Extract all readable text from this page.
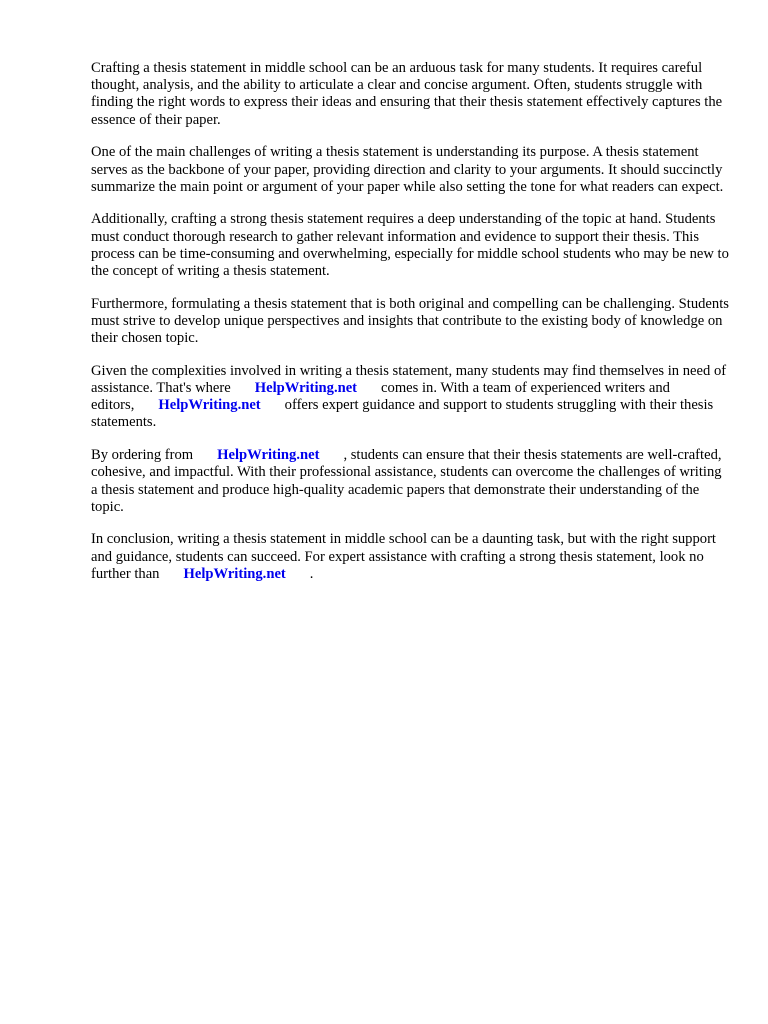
Crafting a thesis statement in middle school can be an arduous task for many students. It requires careful thought, analysis, and the ability to articulate a clear and concise argument. Often, students struggle with finding the right words to express their ideas and ensuring that their thesis statement effectively captures the essence of their paper.

One of the main challenges of writing a thesis statement is understanding its purpose. A thesis statement serves as the backbone of your paper, providing direction and clarity to your arguments. It should succinctly summarize the main point or argument of your paper while also setting the tone for what readers can expect.

Additionally, crafting a strong thesis statement requires a deep understanding of the topic at hand. Students must conduct thorough research to gather relevant information and evidence to support their thesis. This process can be time-consuming and overwhelming, especially for middle school students who may be new to the concept of writing a thesis statement.

Furthermore, formulating a thesis statement that is both original and compelling can be challenging. Students must strive to develop unique perspectives and insights that contribute to the existing body of knowledge on their chosen topic.

Given the complexities involved in writing a thesis statement, many students may find themselves in need of assistance. That's where HelpWriting.net comes in. With a team of experienced writers and editors, HelpWriting.net offers expert guidance and support to students struggling with their thesis statements.

By ordering from HelpWriting.net , students can ensure that their thesis statements are well-crafted, cohesive, and impactful. With their professional assistance, students can overcome the challenges of writing a thesis statement and produce high-quality academic papers that demonstrate their understanding of the topic.

In conclusion, writing a thesis statement in middle school can be a daunting task, but with the right support and guidance, students can succeed. For expert assistance with crafting a strong thesis statement, look no further than HelpWriting.net .
